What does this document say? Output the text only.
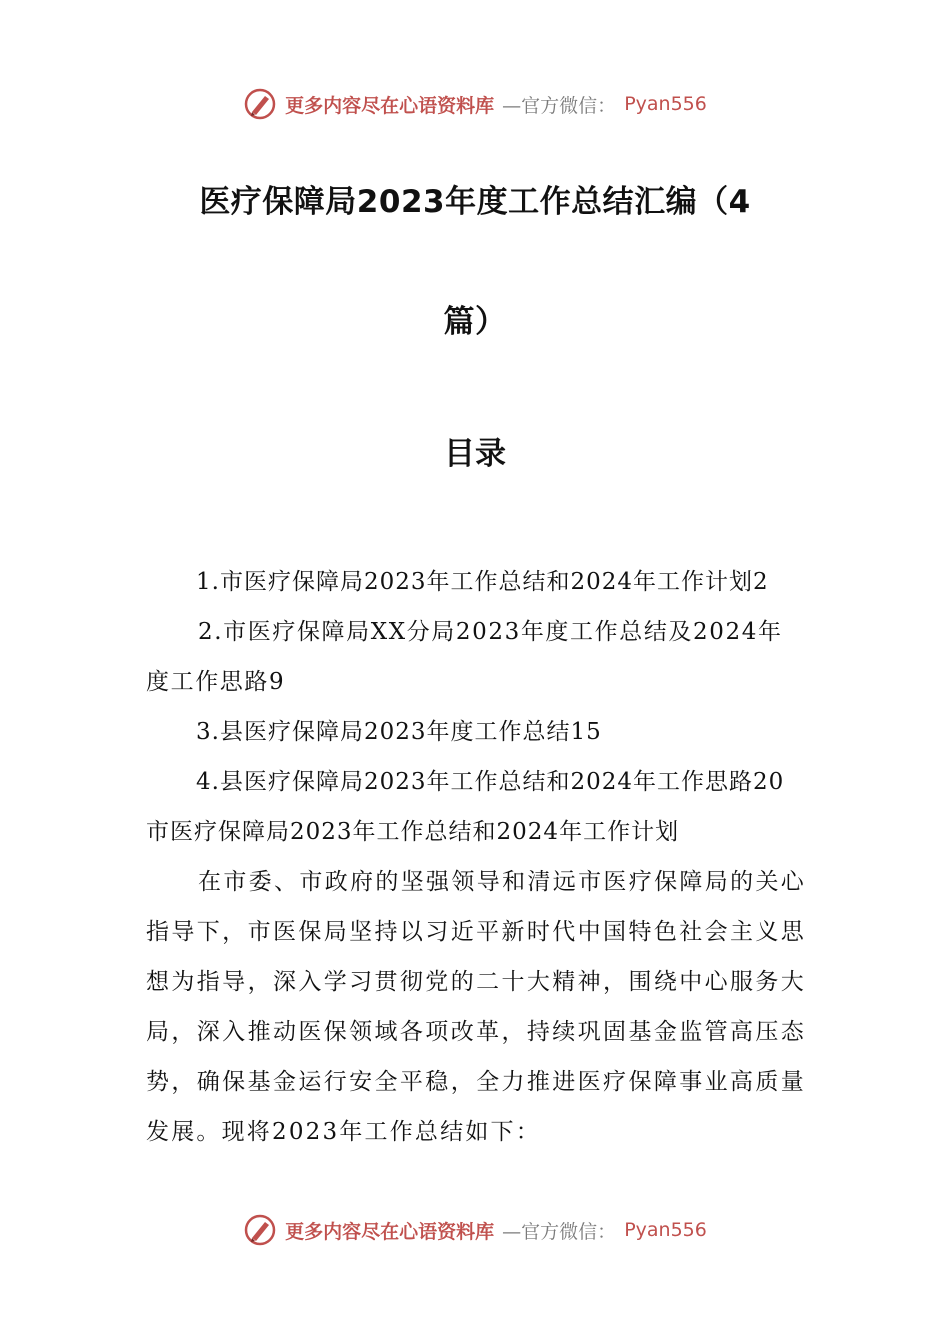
更多内容尽在心语资料库 —官方微信： Pyan556
医疗保障局2023年度工作总结汇编（4
篇）
目录
1.市医疗保障局2023年工作总结和2024年工作计划2
2.市医疗保障局XX分局2023年度工作总结及2024年度工作思路9
3.县医疗保障局2023年度工作总结15
4.县医疗保障局2023年工作总结和2024年工作思路20
市医疗保障局2023年工作总结和2024年工作计划
在市委、市政府的坚强领导和清远市医疗保障局的关心指导下，市医保局坚持以习近平新时代中国特色社会主义思想为指导，深入学习贯彻党的二十大精神，围绕中心服务大局，深入推动医保领域各项改革，持续巩固基金监管高压态势，确保基金运行安全平稳，全力推进医疗保障事业高质量发展。现将2023年工作总结如下：
更多内容尽在心语资料库 —官方微信： Pyan556
